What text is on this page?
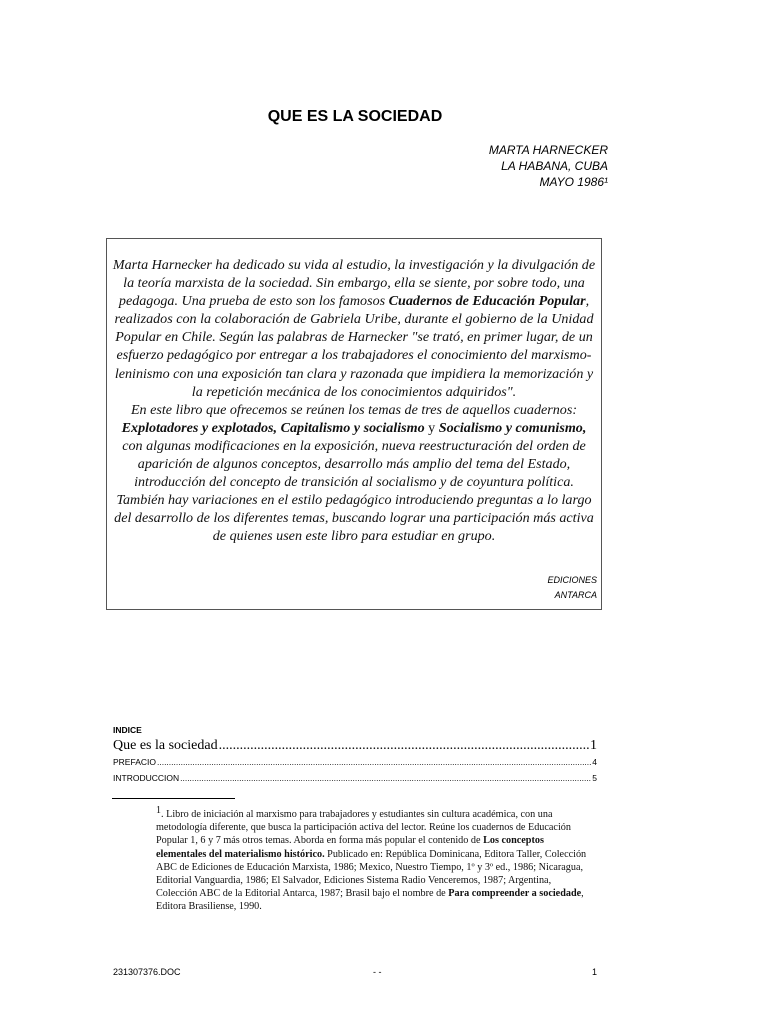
QUE ES LA SOCIEDAD
MARTA HARNECKER
LA HABANA, CUBA
MAYO 1986¹

Marta Harnecker ha dedicado su vida al estudio, la investigación y la divulgación de la teoría marxista de la sociedad. Sin embargo, ella se siente, por sobre todo, una pedagoga. Una prueba de esto son los famosos Cuadernos de Educación Popular, realizados con la colaboración de Gabriela Uribe, durante el gobierno de la Unidad Popular en Chile. Según las palabras de Harnecker "se trató, en primer lugar, de un esfuerzo pedagógico por entregar a los trabajadores el conocimiento del marxismo-leninismo con una exposición tan clara y razonada que impidiera la memorización y la repetición mecánica de los conocimientos adquiridos".

En este libro que ofrecemos se reúnen los temas de tres de aquellos cuadernos: Explotadores y explotados, Capitalismo y socialismo y Socialismo y comunismo, con algunas modificaciones en la exposición, nueva reestructuración del orden de aparición de algunos conceptos, desarrollo más amplio del tema del Estado, introducción del concepto de transición al socialismo y de coyuntura política. También hay variaciones en el estilo pedagógico introduciendo preguntas a lo largo del desarrollo de los diferentes temas, buscando lograr una participación más activa de quienes usen este libro para estudiar en grupo.

EDICIONES
ANTARCA
INDICE
Que es la sociedad .....	1
PREFACIO .....	4
INTRODUCCION .....	5
$^1$. Libro de iniciación al marxismo para trabajadores y estudiantes sin cultura académica, con una metodología diferente, que busca la participación activa del lector. Reúne los cuadernos de Educación Popular 1, 6 y 7 más otros temas. Aborda en forma más popular el contenido de Los conceptos elementales del materialismo histórico. Publicado en: República Dominicana, Editora Taller, Colección ABC de Ediciones de Educación Marxista, 1986; Mexico, Nuestro Tiempo, 1º y 3º ed., 1986; Nicaragua, Editorial Vanguardia, 1986; El Salvador, Ediciones Sistema Radio Venceremos, 1987; Argentina, Colección ABC de la Editorial Antarca, 1987; Brasil bajo el nombre de Para compreender a sociedade, Editora Brasiliense, 1990.
231307376.DOC	- -	1
